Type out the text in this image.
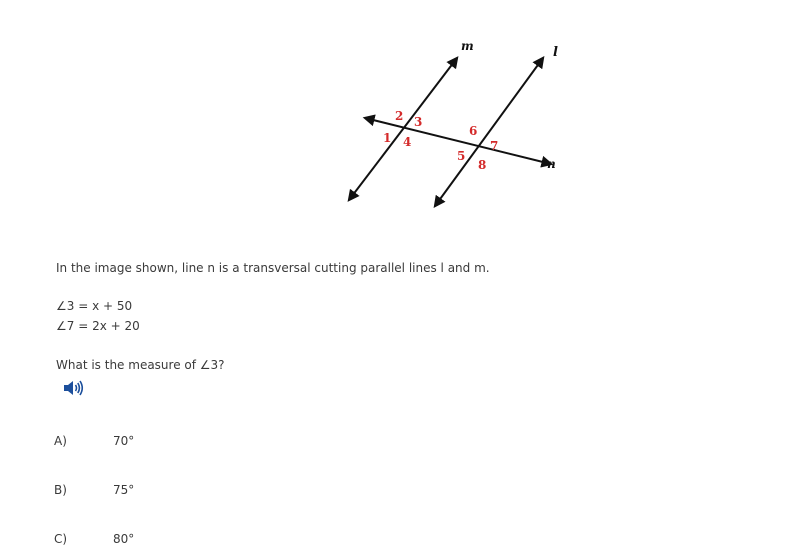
m	l
n
1
2 3
4
5
6
7
8
In the image shown, line n is a transversal cutting parallel lines l and m.
∠3 = x + 50
∠7 = 2x + 20
What is the measure of ∠3?
A)	70°
B)	75°
C)	80°
